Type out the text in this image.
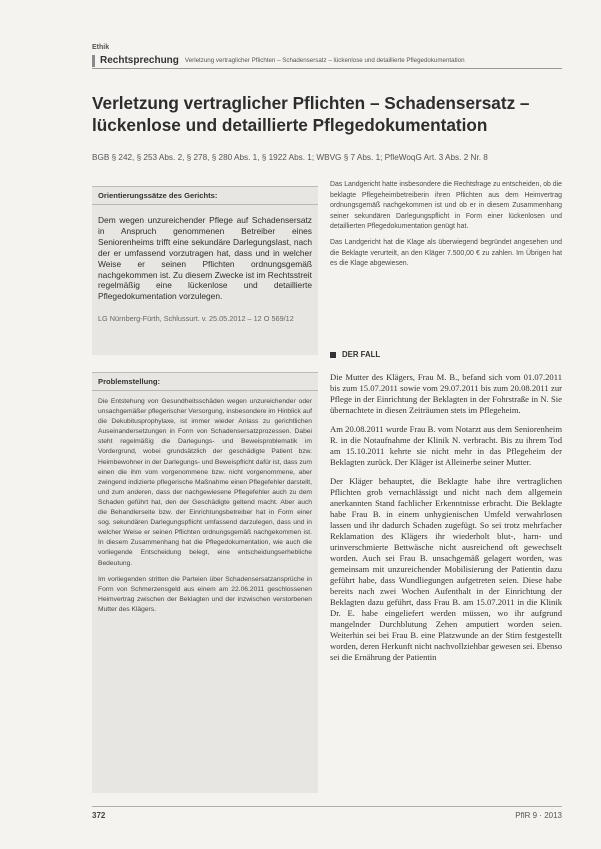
Ethik
Rechtsprechung Verletzung vertraglicher Pflichten – Schadensersatz – lückenlose und detaillierte Pflegedokumentation
Verletzung vertraglicher Pflichten – Schadensersatz – lückenlose und detaillierte Pflegedokumentation
BGB § 242, § 253 Abs. 2, § 278, § 280 Abs. 1, § 1922 Abs. 1; WBVG § 7 Abs. 1; PfleWoqG Art. 3 Abs. 2 Nr. 8
Orientierungssätze des Gerichts:

Dem wegen unzureichender Pflege auf Schadensersatz in Anspruch genommenen Betreiber eines Seniorenheims trifft eine sekundäre Darlegungslast, nach der er umfassend vorzutragen hat, dass und in welcher Weise er seinen Pflichten ordnungsgemäß nachgekommen ist. Zu diesem Zwecke ist im Rechtsstreit regelmäßig eine lückenlose und detaillierte Pflegedokumentation vorzulegen.

LG Nürnberg-Fürth, Schlussurt. v. 25.05.2012 – 12 O 569/12
Problemstellung:

Die Entstehung von Gesundheitsschäden wegen unzureichender oder unsachgemäßer pflegerischer Versorgung, insbesondere im Hinblick auf die Dekubitusprophylaxe, ist immer wieder Anlass zu gerichtlichen Auseinandersetzungen in Form von Schadensersatzprozessen. Dabei steht regelmäßig die Darlegungs- und Beweisproblematik im Vordergrund, wobei grundsätzlich der geschädigte Patient bzw. Heimbewohner in der Darlegungs- und Beweispflicht dafür ist, dass zum einen die ihm vom vorgenommene bzw. nicht vorgenommene, aber zwingend indizierte pflegerische Maßnahme einen Pflegefehler darstellt, und zum anderen, dass der nachgewiesene Pflegefehler auch zu dem Schaden geführt hat, den der Geschädigte geltend macht. Aber auch die Behandlerseite bzw. der Einrichtungsbetreiber hat in Form einer sog. sekundären Darlegungspflicht umfassend darzulegen, dass und in welcher Weise er seinen Pflichten ordnungsgemäß nachgekommen ist. In diesem Zusammenhang hat die Pflegedokumentation, wie auch die vorliegende Entscheidung belegt, eine entscheidungserhebliche Bedeutung.

Im vorliegenden stritten die Parteien über Schadensersatzansprüche in Form von Schmerzensgeld aus einem am 22.06.2011 geschlossenen Heimvertrag zwischen der Beklagten und der inzwischen verstorbenen Mutter des Klägers.

Das Landgericht hatte insbesondere die Rechtsfrage zu entscheiden, ob die beklagte Pflegeheimbetreiberin ihren Pflichten aus dem Heimvertrag ordnungsgemäß nachgekommen ist und ob er in diesem Zusammenhang seiner sekundären Darlegungspflicht in Form einer lückenlosen und detaillierten Pflegedokumentation genügt hat.

Das Landgericht hat die Klage als überwiegend begründet angesehen und die Beklagte verurteilt, an den Kläger 7.500,00 € zu zahlen. Im Übrigen hat es die Klage abgewiesen.

DER FALL

Die Mutter des Klägers, Frau M. B., befand sich vom 01.07.2011 bis zum 15.07.2011 sowie vom 29.07.2011 bis zum 20.08.2011 zur Pflege in der Einrichtung der Beklagten in der Fohrstraße in N. Sie übernachtete in diesen Zeiträumen stets im Pflegeheim.

Am 20.08.2011 wurde Frau B. vom Notarzt aus dem Seniorenheim R. in die Notaufnahme der Klinik N. verbracht. Bis zu ihrem Tod am 15.10.2011 kehrte sie nicht mehr in das Pflegeheim der Beklagten zurück. Der Kläger ist Alleinerbe seiner Mutter.

Der Kläger behauptet, die Beklagte habe ihre vertraglichen Pflichten grob vernachlässigt und nicht nach dem allgemein anerkannten Stand fachlicher Erkenntnisse erbracht. Die Beklagte habe Frau B. in einem unhygienischen Umfeld verwahrlosen lassen und ihr dadurch Schaden zugefügt. So sei trotz mehrfacher Reklamation des Klägers ihr wiederholt blut-, harn- und urinverschmierte Bettwäsche nicht ausreichend oft gewechselt worden. Auch sei Frau B. unsachgemäß gelagert worden, was gemeinsam mit unzureichender Mobilisierung der Patientin dazu geführt habe, dass Wundliegungen aufgetreten seien. Diese habe bereits nach zwei Wochen Aufenthalt in der Einrichtung der Beklagten dazu geführt, dass Frau B. am 15.07.2011 in die Klinik Dr. E. habe eingeliefert werden müssen, wo ihr aufgrund mangelnder Durchblutung Zehen amputiert worden seien. Weiterhin sei bei Frau B. eine Platzwunde an der Stirn festgestellt worden, deren Herkunft nicht nachvollziehbar gewesen sei. Ebenso sei die Ernährung der Patientin

372	PflR 9 · 2013
